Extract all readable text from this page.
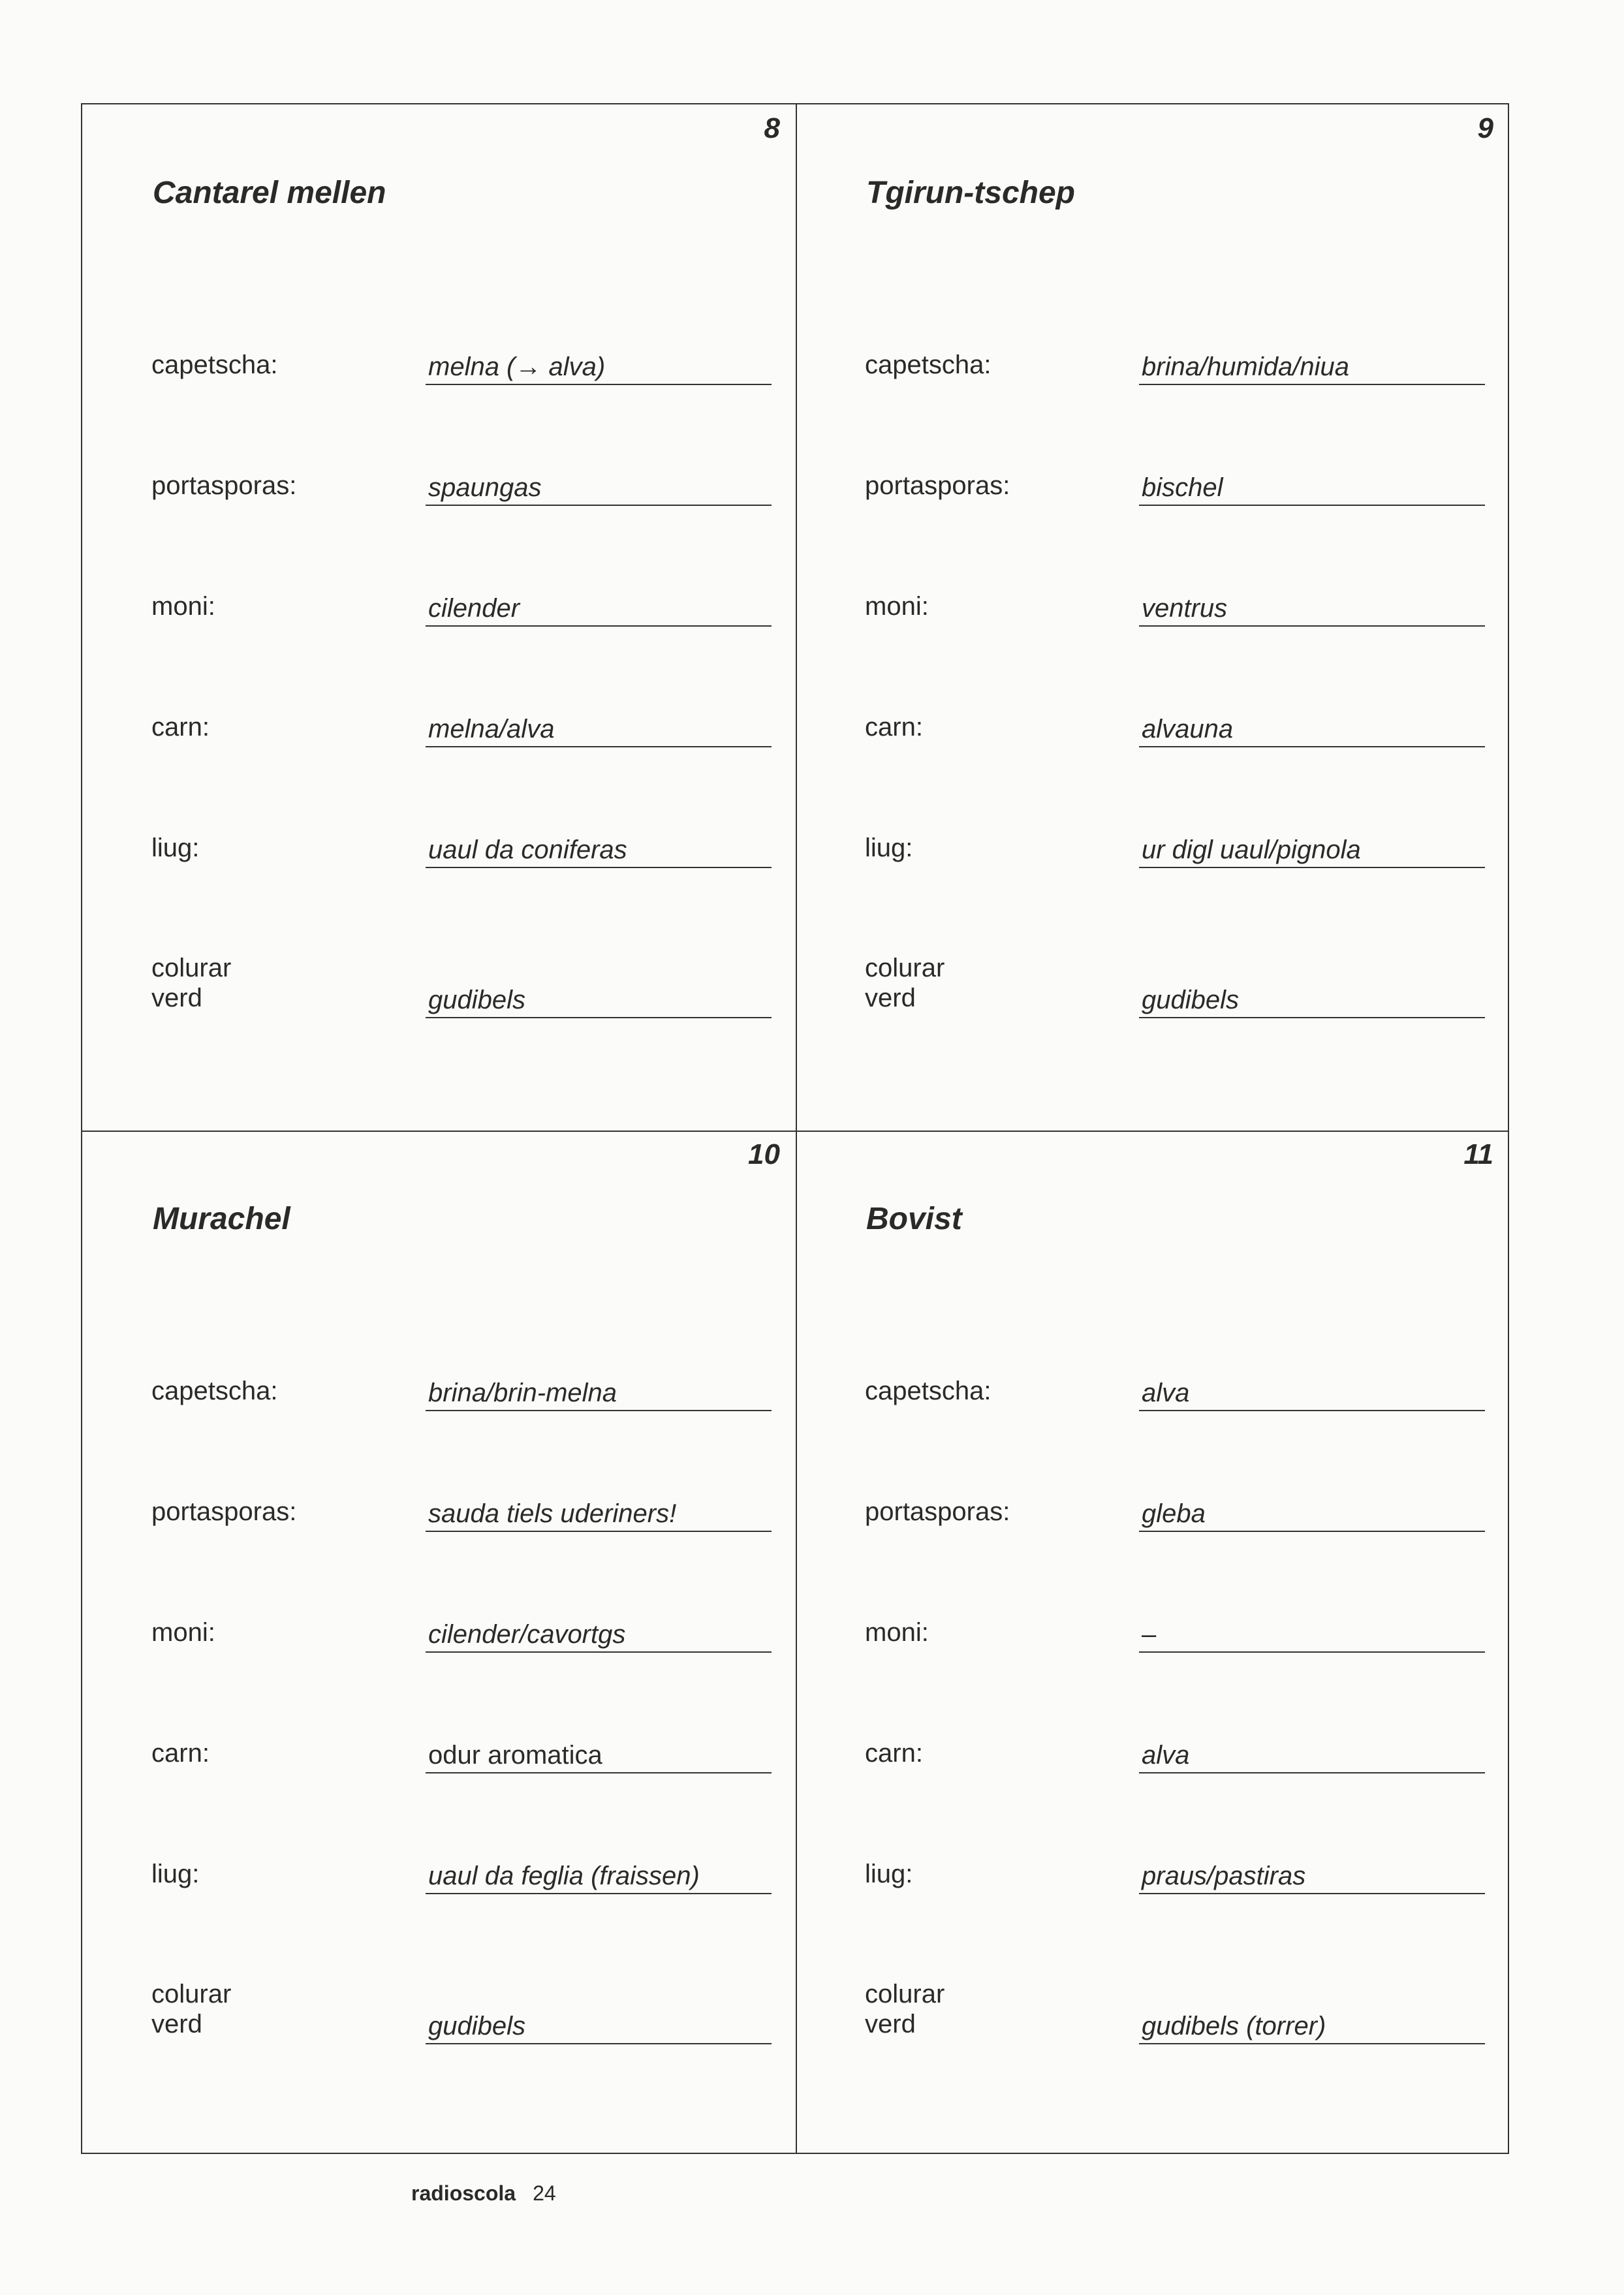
8
Cantarel mellen
capetscha:	melna (→ alva)
portasporas:	spaungas
moni:	cilender
carn:	melna/alva
liug:	uaul da coniferas
colurar
verd	gudibels
9
Tgirun-tschep
capetscha:	brina/humida/niua
portasporas:	bischel
moni:	ventrus
carn:	alvauna
liug:	ur digl uaul/pignola
colurar
verd	gudibels
10
Murachel
capetscha:	brina/brin-melna
portasporas:	sauda tiels uderiners!
moni:	cilender/cavortgs
carn:	odur aromatica
liug:	uaul da feglia (fraissen)
colurar
verd	gudibels
11
Bovist
capetscha:	alva
portasporas:	gleba
moni:	–
carn:	alva
liug:	praus/pastiras
colurar
verd	gudibels (torrer)
radioscola 24
